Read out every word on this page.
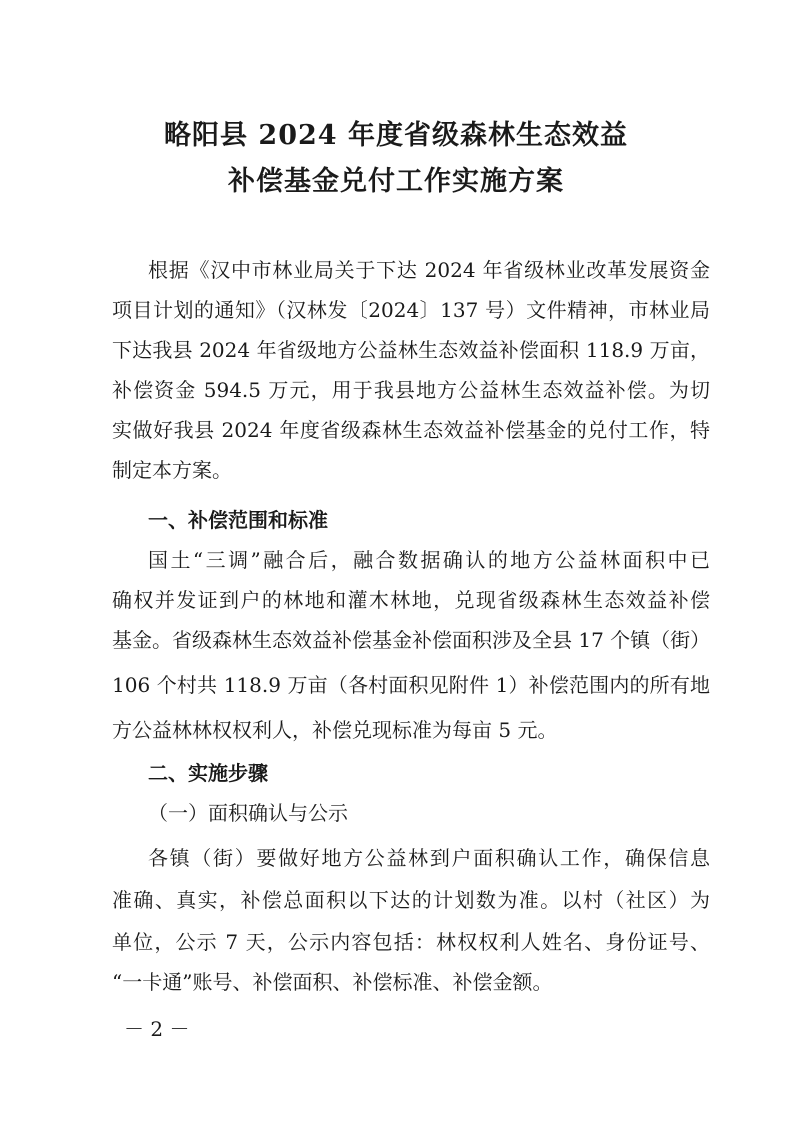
略阳县 2024 年度省级森林生态效益
补偿基金兑付工作实施方案
根据《汉中市林业局关于下达 2024 年省级林业改革发展资金
项目计划的通知》（汉林发〔2024〕137 号）文件精神，市林业局
下达我县 2024 年省级地方公益林生态效益补偿面积 118.9 万亩，
补偿资金 594.5 万元，用于我县地方公益林生态效益补偿。为切
实做好我县 2024 年度省级森林生态效益补偿基金的兑付工作，特
制定本方案。
一、补偿范围和标准
国土“三调”融合后，融合数据确认的地方公益林面积中已
确权并发证到户的林地和灌木林地，兑现省级森林生态效益补偿
基金。省级森林生态效益补偿基金补偿面积涉及全县 17 个镇（街）
106 个村共 118.9 万亩（各村面积见附件 1）补偿范围内的所有地
方公益林林权权利人，补偿兑现标准为每亩 5 元。
二、实施步骤
（一）面积确认与公示
各镇（街）要做好地方公益林到户面积确认工作，确保信息
准确、真实，补偿总面积以下达的计划数为准。以村（社区）为
单位，公示 7 天，公示内容包括：林权权利人姓名、身份证号、
“一卡通”账号、补偿面积、补偿标准、补偿金额。
－ 2 －
